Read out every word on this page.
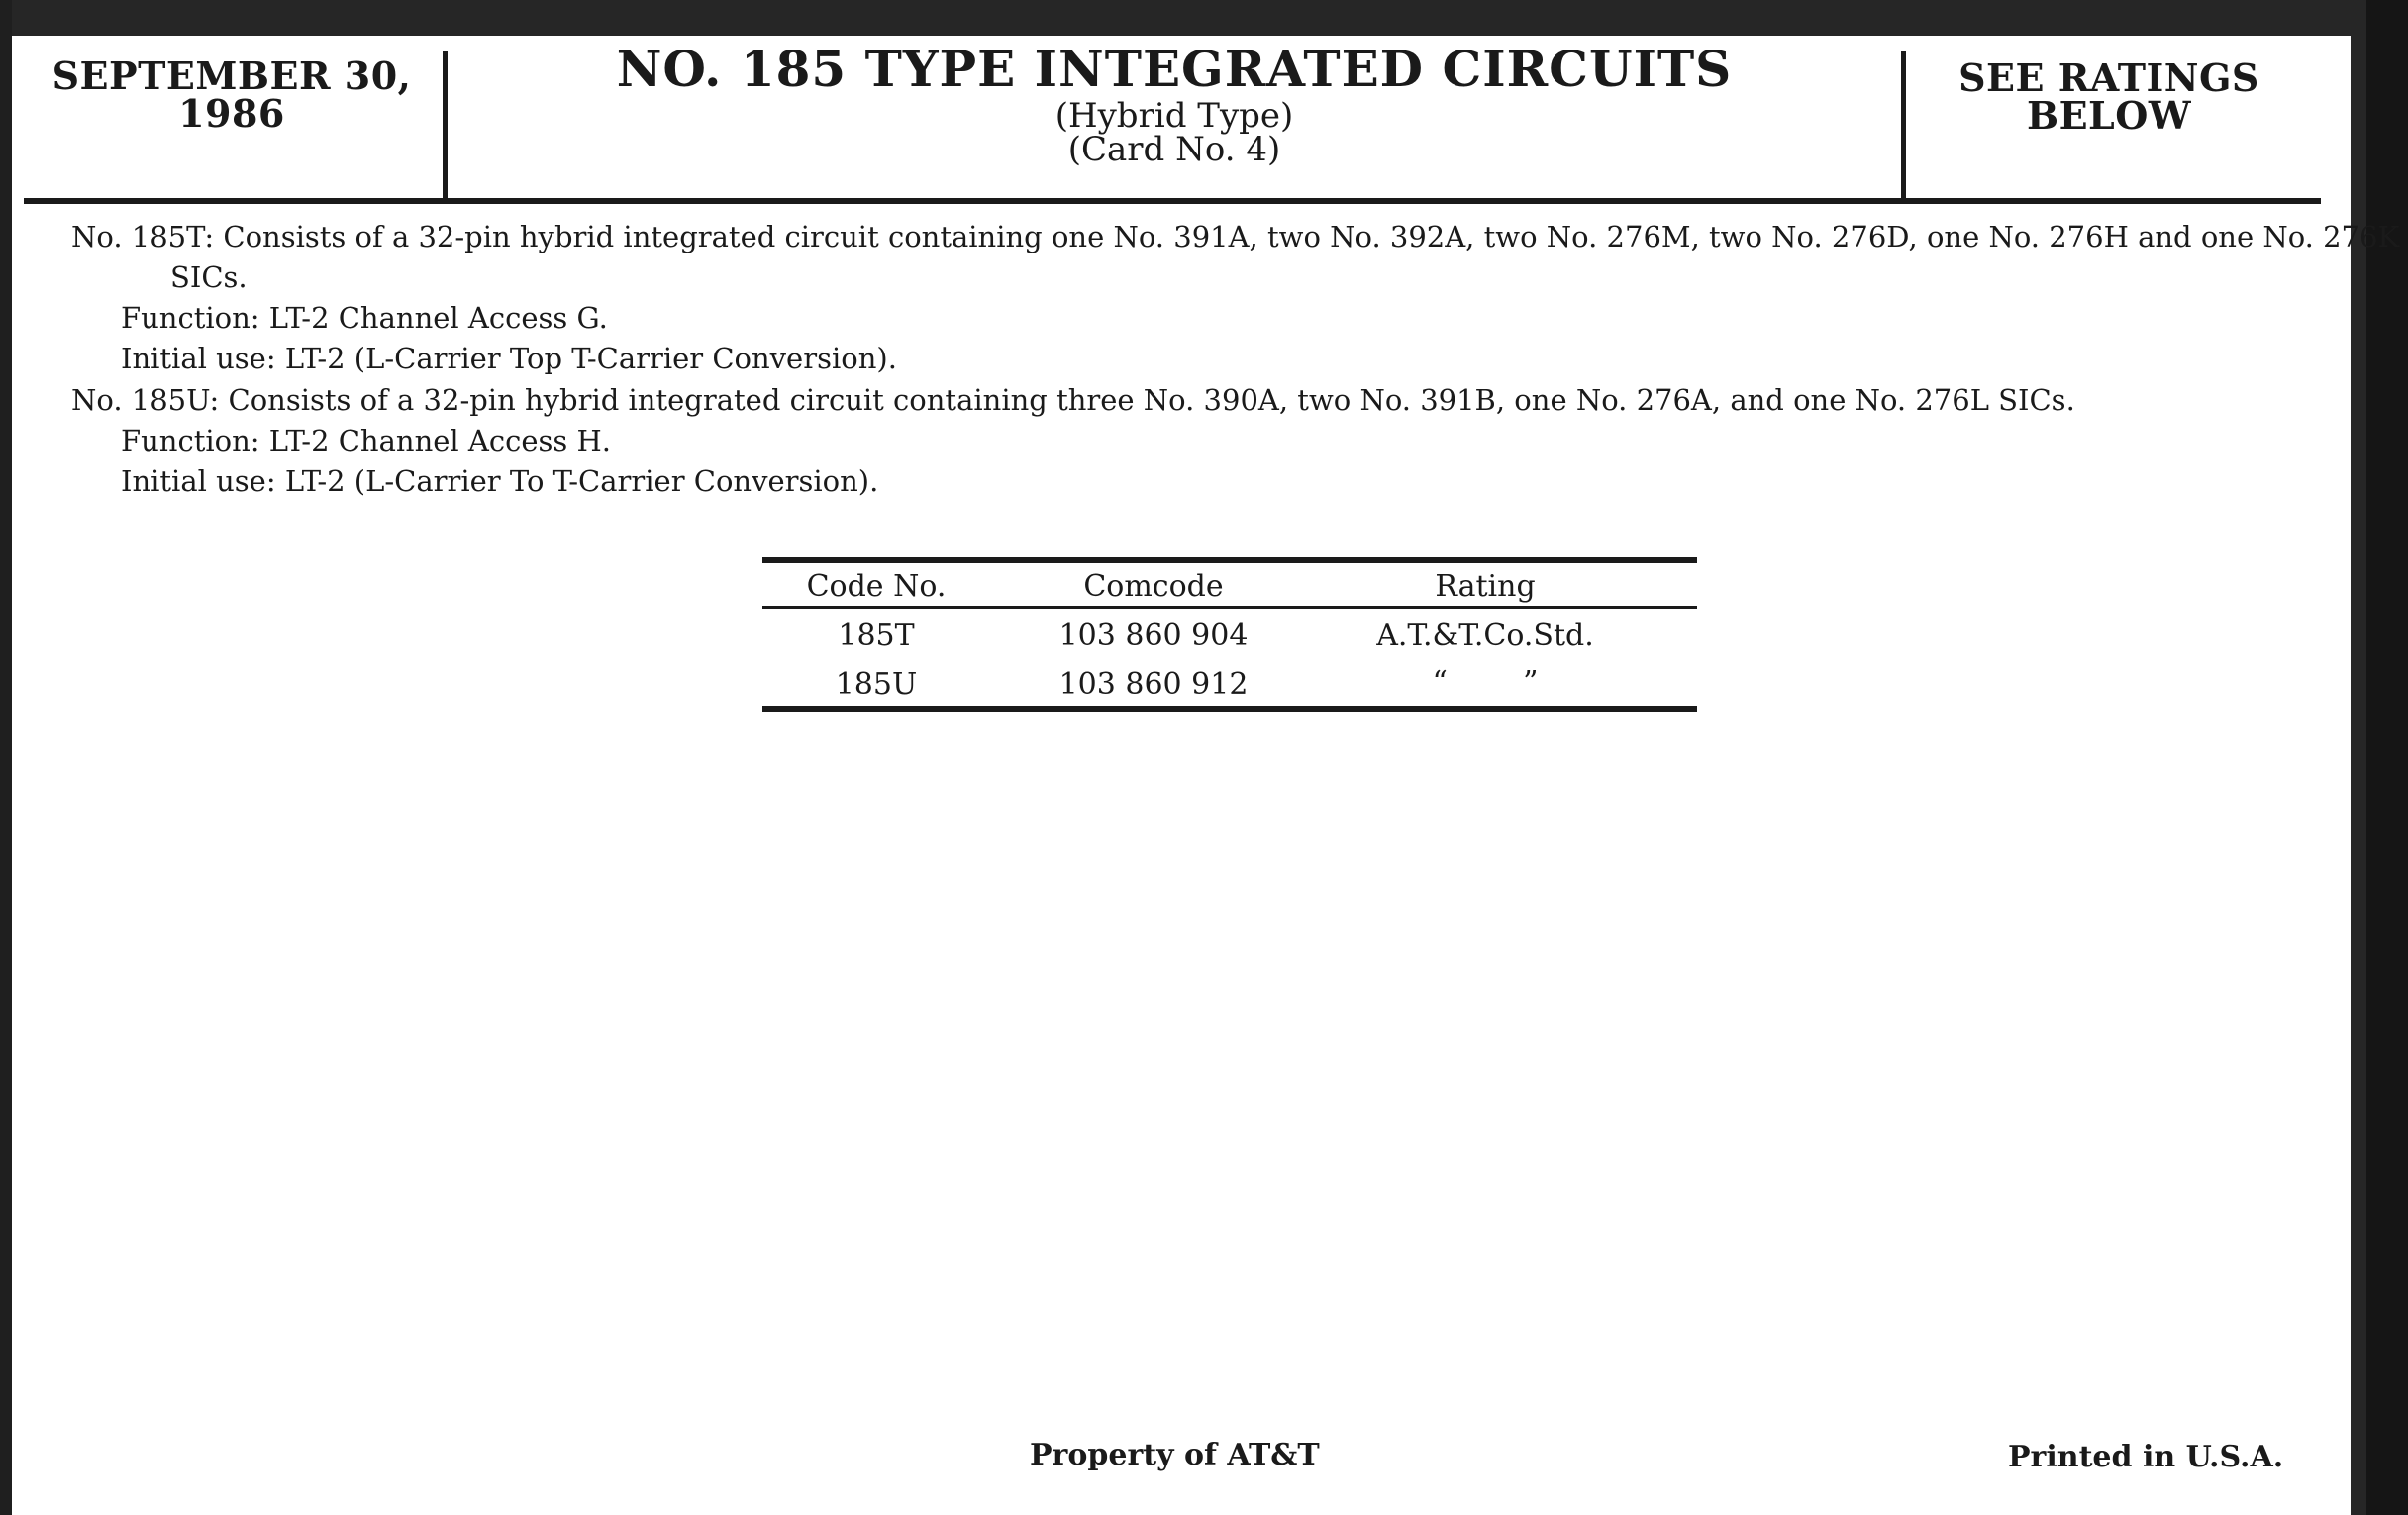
SEPTEMBER 30,
1986
NO. 185 TYPE INTEGRATED CIRCUITS
(Hybrid Type)
(Card No. 4)
SEE RATINGS
BELOW
No. 185T: Consists of a 32-pin hybrid integrated circuit containing one No. 391A, two No. 392A, two No. 276M, two No. 276D, one No. 276H and one No. 276K
SICs.
Function: LT-2 Channel Access G.
Initial use: LT-2 (L-Carrier Top T-Carrier Conversion).
No. 185U: Consists of a 32-pin hybrid integrated circuit containing three No. 390A, two No. 391B, one No. 276A, and one No. 276L SICs.
Function: LT-2 Channel Access H.
Initial use: LT-2 (L-Carrier To T-Carrier Conversion).
Code No.	Comcode	Rating
185T	103 860 904	A.T.&T.Co.Std.
185U	103 860 912	“        ”
Property of AT&T	Printed in U.S.A.
